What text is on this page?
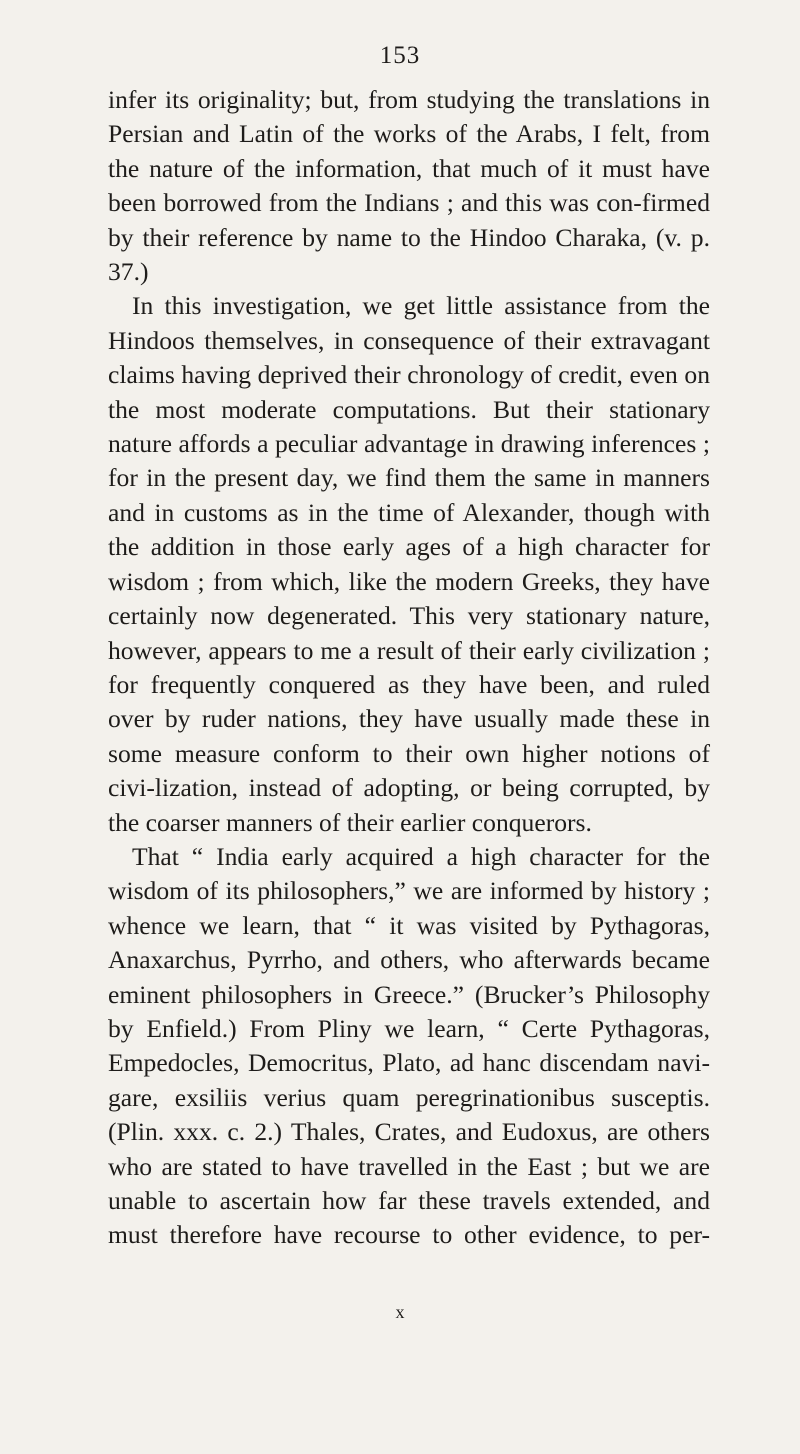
153

infer its originality; but, from studying the translations in Persian and Latin of the works of the Arabs, I felt, from the nature of the information, that much of it must have been borrowed from the Indians ; and this was con-firmed by their reference by name to the Hindoo Charaka, (v. p. 37.)

In this investigation, we get little assistance from the Hindoos themselves, in consequence of their extravagant claims having deprived their chronology of credit, even on the most moderate computations. But their stationary nature affords a peculiar advantage in drawing inferences ; for in the present day, we find them the same in manners and in customs as in the time of Alexander, though with the addition in those early ages of a high character for wisdom ; from which, like the modern Greeks, they have certainly now degenerated. This very stationary nature, however, appears to me a result of their early civilization ; for frequently conquered as they have been, and ruled over by ruder nations, they have usually made these in some measure conform to their own higher notions of civi-lization, instead of adopting, or being corrupted, by the coarser manners of their earlier conquerors.

That “ India early acquired a high character for the wisdom of its philosophers,” we are informed by history ; whence we learn, that “ it was visited by Pythagoras, Anaxarchus, Pyrrho, and others, who afterwards became eminent philosophers in Greece.” (Brucker’s Philosophy by Enfield.) From Pliny we learn, “ Certe Pythagoras, Empedocles, Democritus, Plato, ad hanc discendam navi-gare, exsiliis verius quam peregrinationibus susceptis. (Plin. xxx. c. 2.) Thales, Crates, and Eudoxus, are others who are stated to have travelled in the East ; but we are unable to ascertain how far these travels extended, and must therefore have recourse to other evidence, to per-

x
